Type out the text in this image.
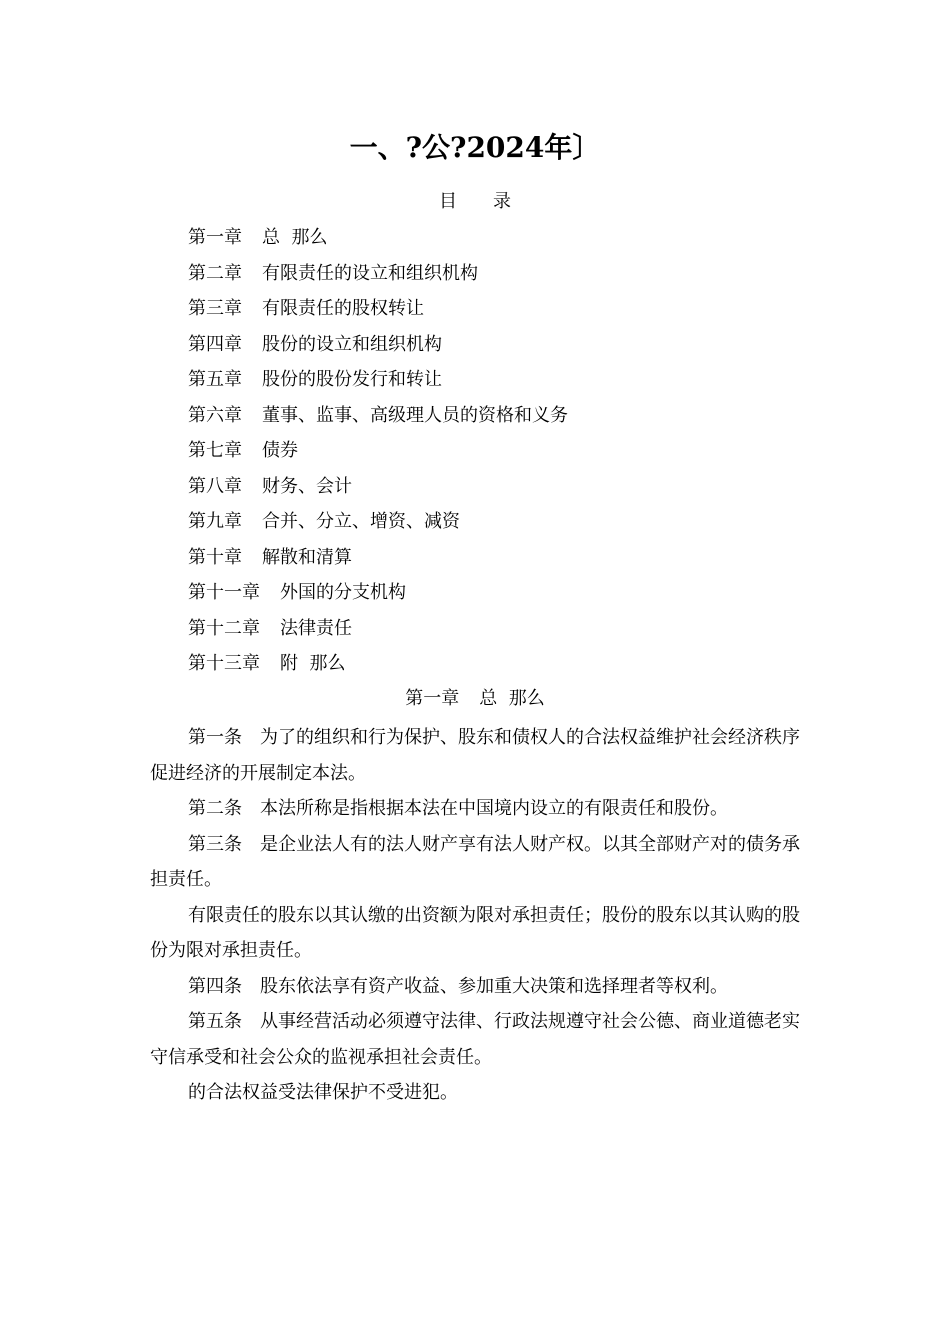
一、?公?2024年〕
目 录
第一章 总  那么
第二章 有限责任的设立和组织机构
第三章 有限责任的股权转让
第四章 股份的设立和组织机构
第五章 股份的股份发行和转让
第六章 董事、监事、高级理人员的资格和义务
第七章 债券
第八章 财务、会计
第九章 合并、分立、增资、减资
第十章 解散和清算
第十一章 外国的分支机构
第十二章 法律责任
第十三章 附  那么
第一章 总  那么

第一条 为了的组织和行为保护、股东和债权人的合法权益维护社会经济秩序促进经济的开展制定本法。

第二条 本法所称是指根据本法在中国境内设立的有限责任和股份。

第三条 是企业法人有的法人财产享有法人财产权。以其全部财产对的债务承担责任。

有限责任的股东以其认缴的出资额为限对承担责任；股份的股东以其认购的股份为限对承担责任。

第四条 股东依法享有资产收益、参加重大决策和选择理者等权利。

第五条 从事经营活动必须遵守法律、行政法规遵守社会公德、商业道德老实守信承受和社会公众的监视承担社会责任。

的合法权益受法律保护不受进犯。
